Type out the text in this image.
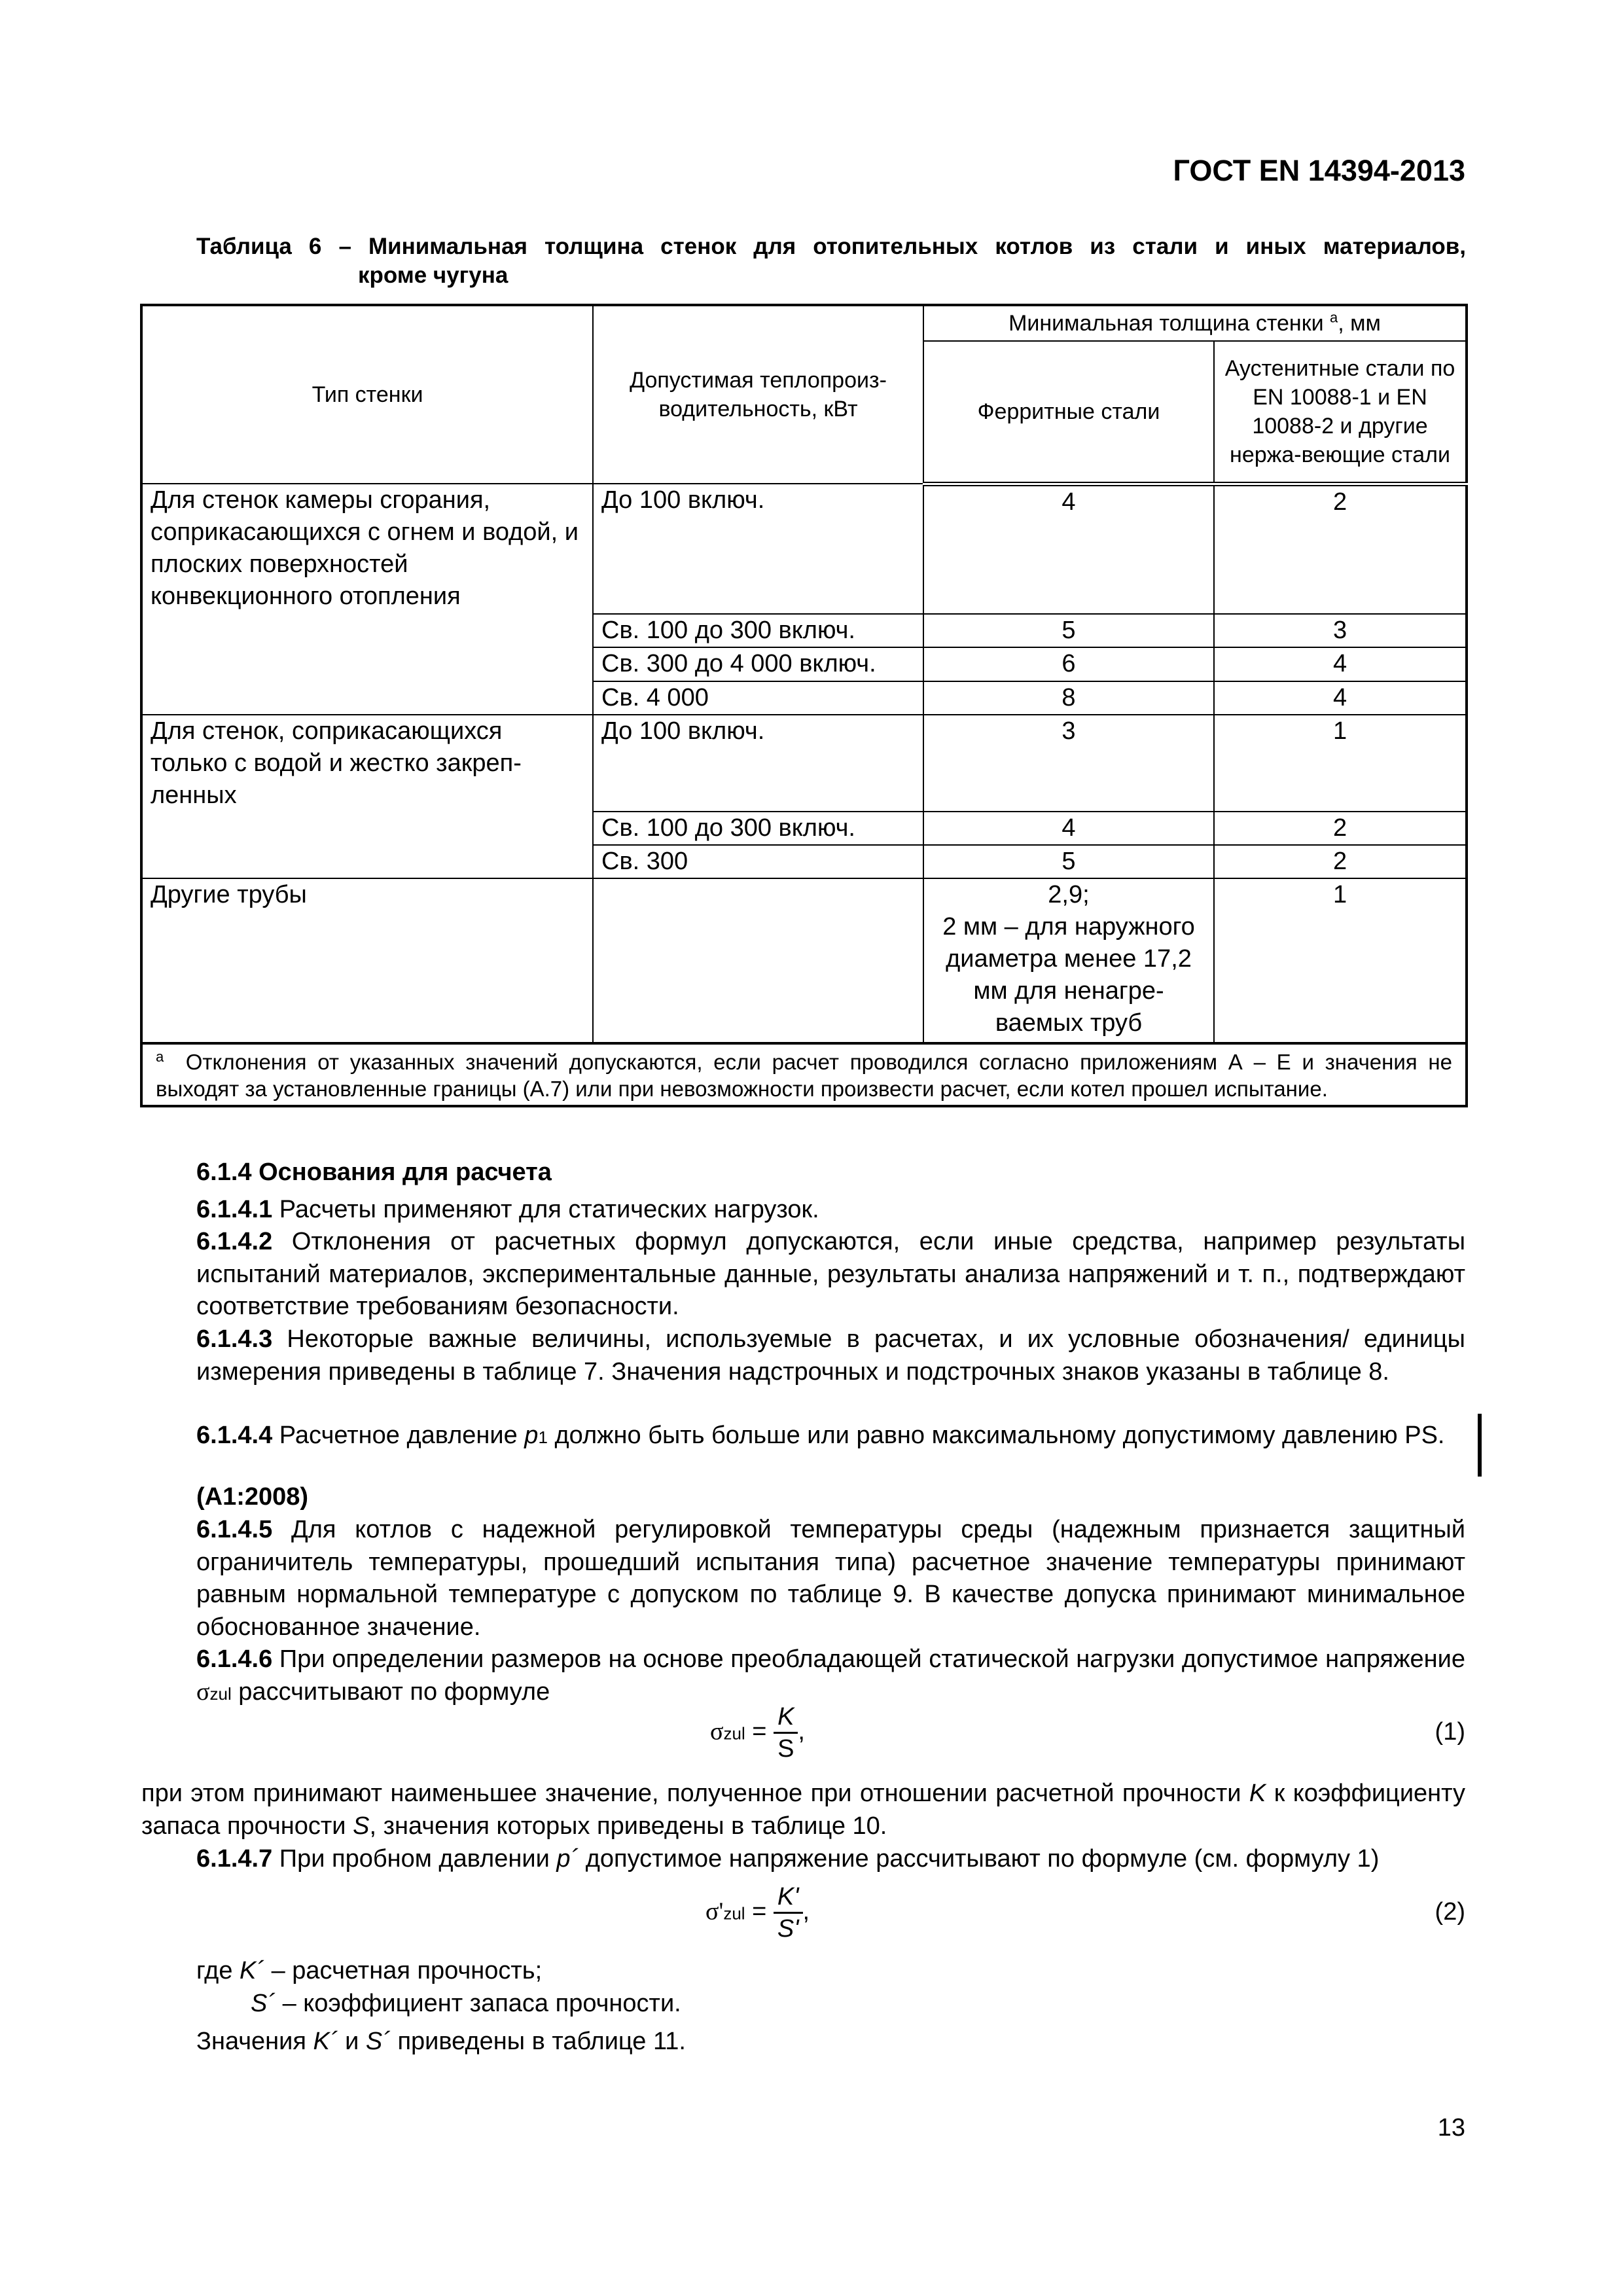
ГОСТ EN 14394-2013
Таблица 6 – Минимальная толщина стенок для отопительных котлов из стали и иных материалов,
кроме чугуна
Тип стенки	Допустимая теплопроиз-водительность, кВт	Минимальная толщина стенки $^а$, мм	
		Ферритные стали	Аустенитные стали по EN 10088-1 и EN 10088-2 и другие нержа-веющие стали
Для стенок камеры сгорания, соприкасающихся с огнем и водой, и плоских поверхностей конвекционного отопления	До 100 включ.	4	2
	Св. 100 до 300 включ.	5	3
	Св. 300 до 4 000 включ.	6	4
	Св. 4 000	8	4
Для стенок, соприкасающихся только с водой и жестко закреп-ленных	До 100 включ.	3	1
	Св. 100 до 300 включ.	4	2
	Св. 300	5	2
Другие трубы		2,9;
2 мм – для наружного диаметра менее 17,2 мм для ненагре-ваемых труб	1
$^а$ Отклонения от указанных значений допускаются, если расчет проводился согласно приложениям А – Е и значения не выходят за установленные границы (А.7) или при невозможности произвести расчет, если котел прошел испытание.			
6.1.4 Основания для расчета
6.1.4.1 Расчеты применяют для статических нагрузок.
6.1.4.2 Отклонения от расчетных формул допускаются, если иные средства, например результаты испытаний материалов, экспериментальные данные, результаты анализа напряжений и т. п., подтверждают соответствие требованиям безопасности.
6.1.4.3 Некоторые важные величины, используемые в расчетах, и их условные обозначения/ единицы измерения приведены в таблице 7. Значения надстрочных и подстрочных знаков указаны в таблице 8.
6.1.4.4 Расчетное давление p1 должно быть больше или равно максимальному допустимому давлению PS.
(А1:2008)
6.1.4.5 Для котлов с надежной регулировкой температуры среды (надежным признается защитный ограничитель температуры, прошедший испытания типа) расчетное значение температуры принимают равным нормальной температуре с допуском по таблице 9. В качестве допуска принимают минимальное обоснованное значение.
6.1.4.6 При определении размеров на основе преобладающей статической нагрузки допустимое напряжение σzul рассчитывают по формуле
$\sigma zul = \frac{K}{S}$ ,	(1)
при этом принимают наименьшее значение, полученное при отношении расчетной прочности K к коэффициенту запаса прочности S, значения которых приведены в таблице 10.
6.1.4.7 При пробном давлении p´ допустимое напряжение рассчитывают по формуле (см. формулу 1)
$\sigma'zul = \frac{K'}{S'}$ ,	(2)
где K´ – расчетная прочность;
S´ – коэффициент запаса прочности.
Значения K´ и S´ приведены в таблице 11.
13
